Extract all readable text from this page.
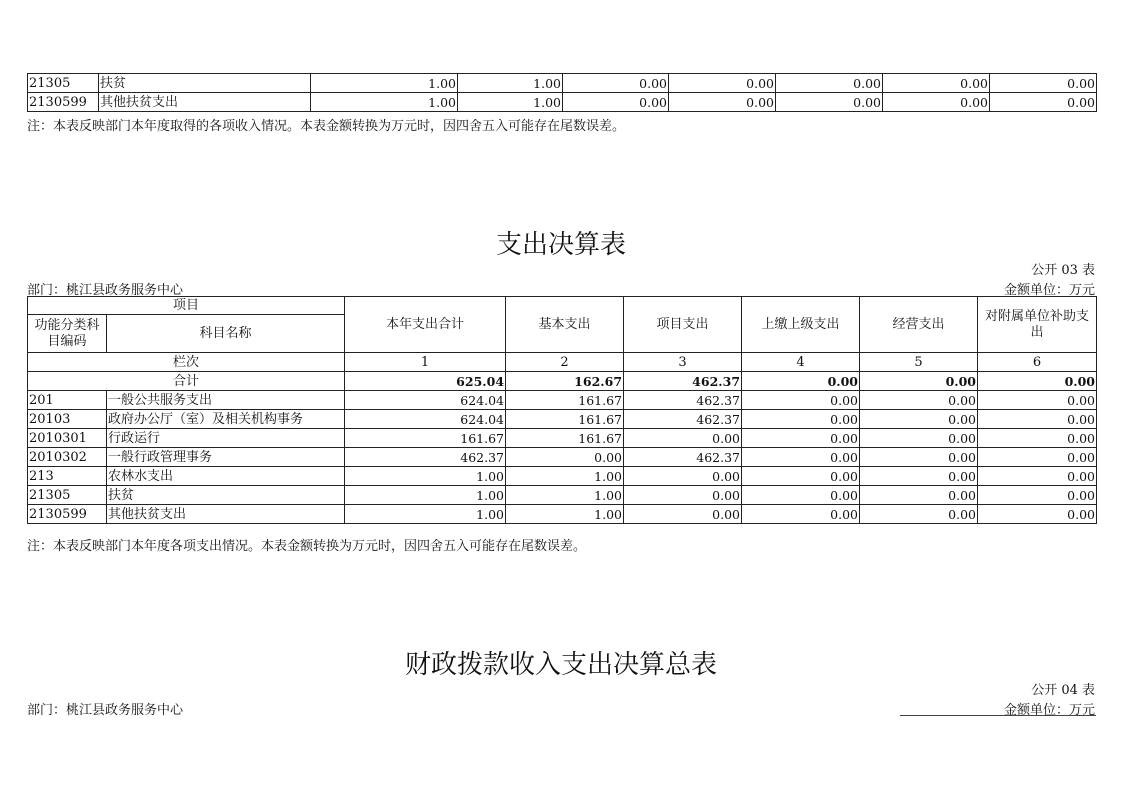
21305	扶贫	1.00	1.00	0.00	0.00	0.00	0.00	0.00
2130599	其他扶贫支出	1.00	1.00	0.00	0.00	0.00	0.00	0.00
注：本表反映部门本年度取得的各项收入情况。本表金额转换为万元时，因四舍五入可能存在尾数误差。
支出决算表
公开 03 表
部门：桃江县政务服务中心	金额单位：万元
项目		本年支出合计	基本支出	项目支出	上缴上级支出	经营支出	对附属单位补助支出
功能分类科目编码	科目名称						
栏次		1	2	3	4	5	6
合计		625.04	162.67	462.37	0.00	0.00	0.00
201	一般公共服务支出	624.04	161.67	462.37	0.00	0.00	0.00
20103	政府办公厅（室）及相关机构事务	624.04	161.67	462.37	0.00	0.00	0.00
2010301	行政运行	161.67	161.67	0.00	0.00	0.00	0.00
2010302	一般行政管理事务	462.37	0.00	462.37	0.00	0.00	0.00
213	农林水支出	1.00	1.00	0.00	0.00	0.00	0.00
21305	扶贫	1.00	1.00	0.00	0.00	0.00	0.00
2130599	其他扶贫支出	1.00	1.00	0.00	0.00	0.00	0.00
注：本表反映部门本年度各项支出情况。本表金额转换为万元时，因四舍五入可能存在尾数误差。
财政拨款收入支出决算总表
公开 04 表
部门：桃江县政务服务中心	金额单位：万元
